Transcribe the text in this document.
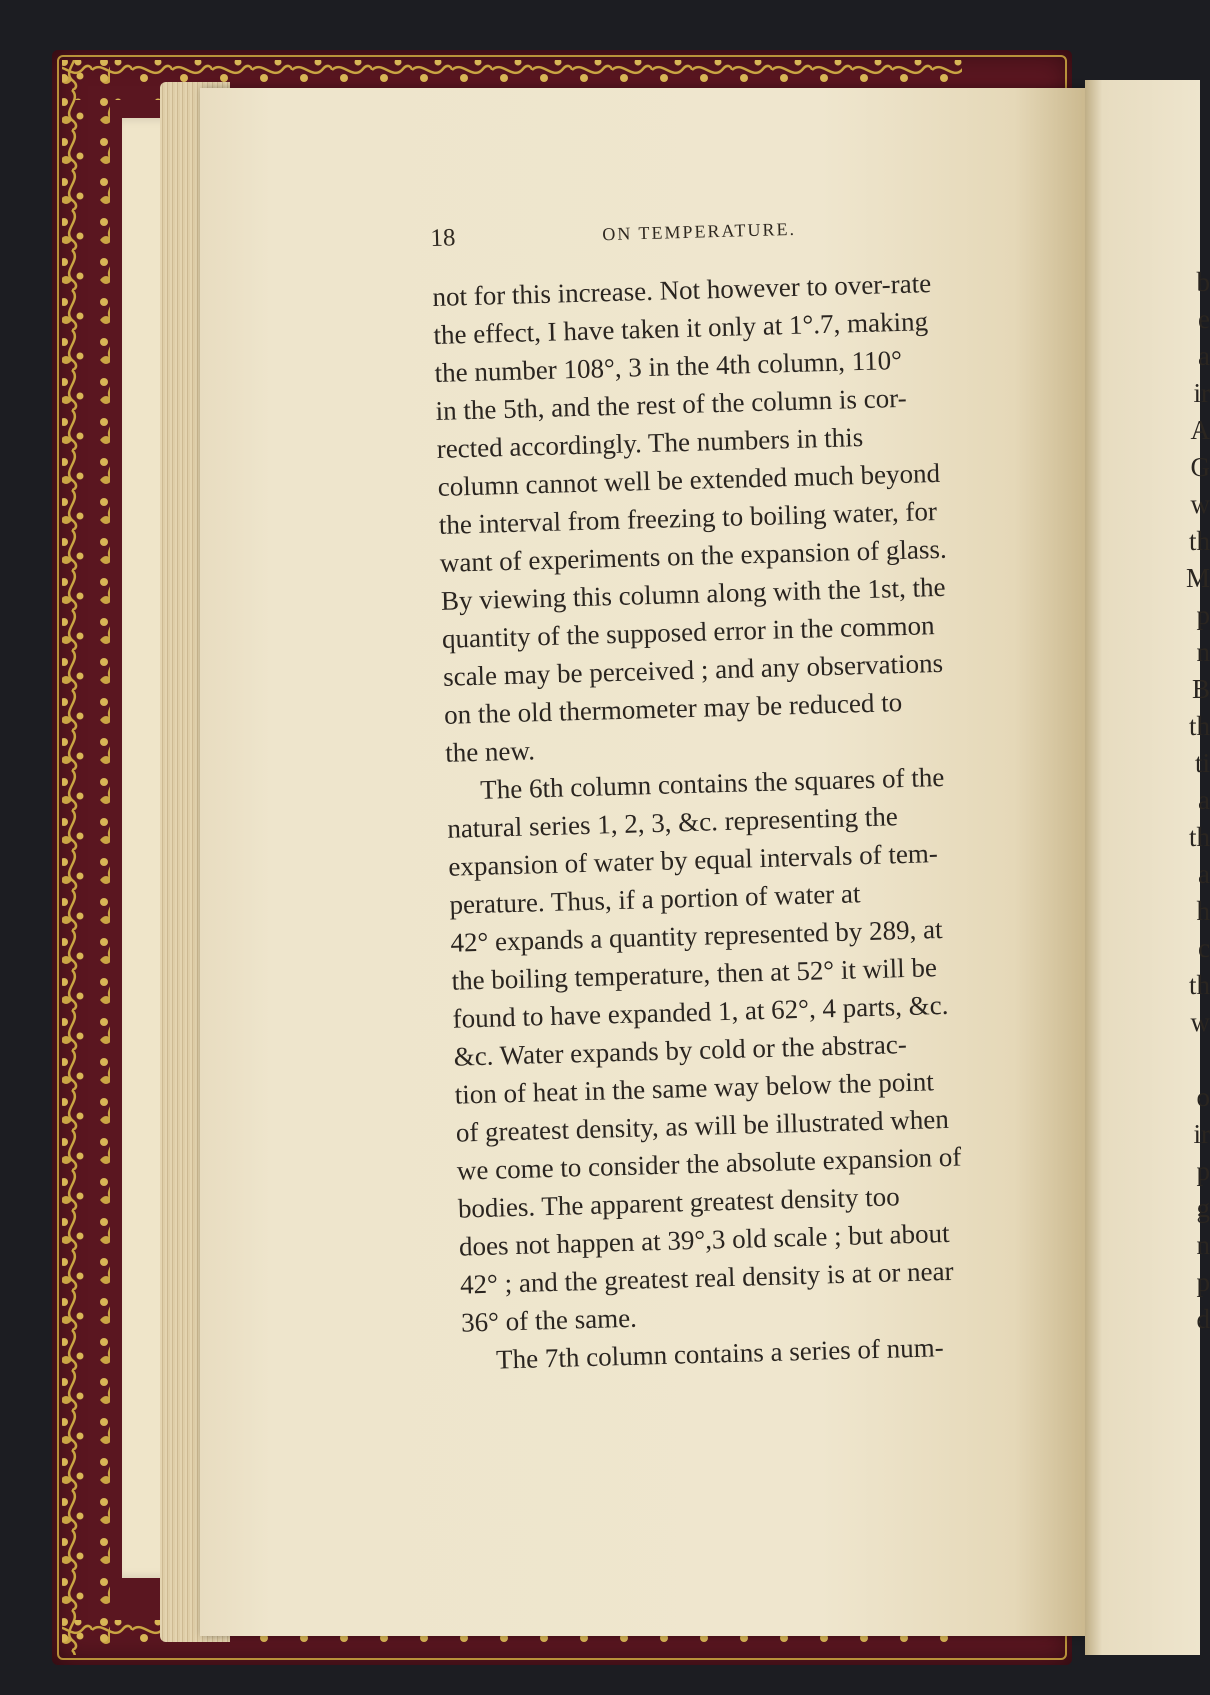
18	ON TEMPERATURE.
not for this increase. Not however to over-rate
the effect, I have taken it only at 1°.7, making
the number 108°, 3 in the 4th column, 110°
in the 5th, and the rest of the column is cor-
rected accordingly. The numbers in this
column cannot well be extended much beyond
the interval from freezing to boiling water, for
want of experiments on the expansion of glass.
By viewing this column along with the 1st, the
quantity of the supposed error in the common
scale may be perceived ; and any observations
on the old thermometer may be reduced to
the new.
The 6th column contains the squares of the
natural series 1, 2, 3, &c. representing the
expansion of water by equal intervals of tem-
perature. Thus, if a portion of water at
42° expands a quantity represented by 289, at
the boiling temperature, then at 52° it will be
found to have expanded 1, at 62°, 4 parts, &c.
&c. Water expands by cold or the abstrac-
tion of heat in the same way below the point
of greatest density, as will be illustrated when
we come to consider the absolute expansion of
bodies. The apparent greatest density too
does not happen at 39°,3 old scale ; but about
42° ; and the greatest real density is at or near
36° of the same.
The 7th column contains a series of num-
b
e
a
ir
A
G
w
th
M
p
n
B
th
ti
a
th
a
h
c
th
w
o
ir
p
g
n
p
d
